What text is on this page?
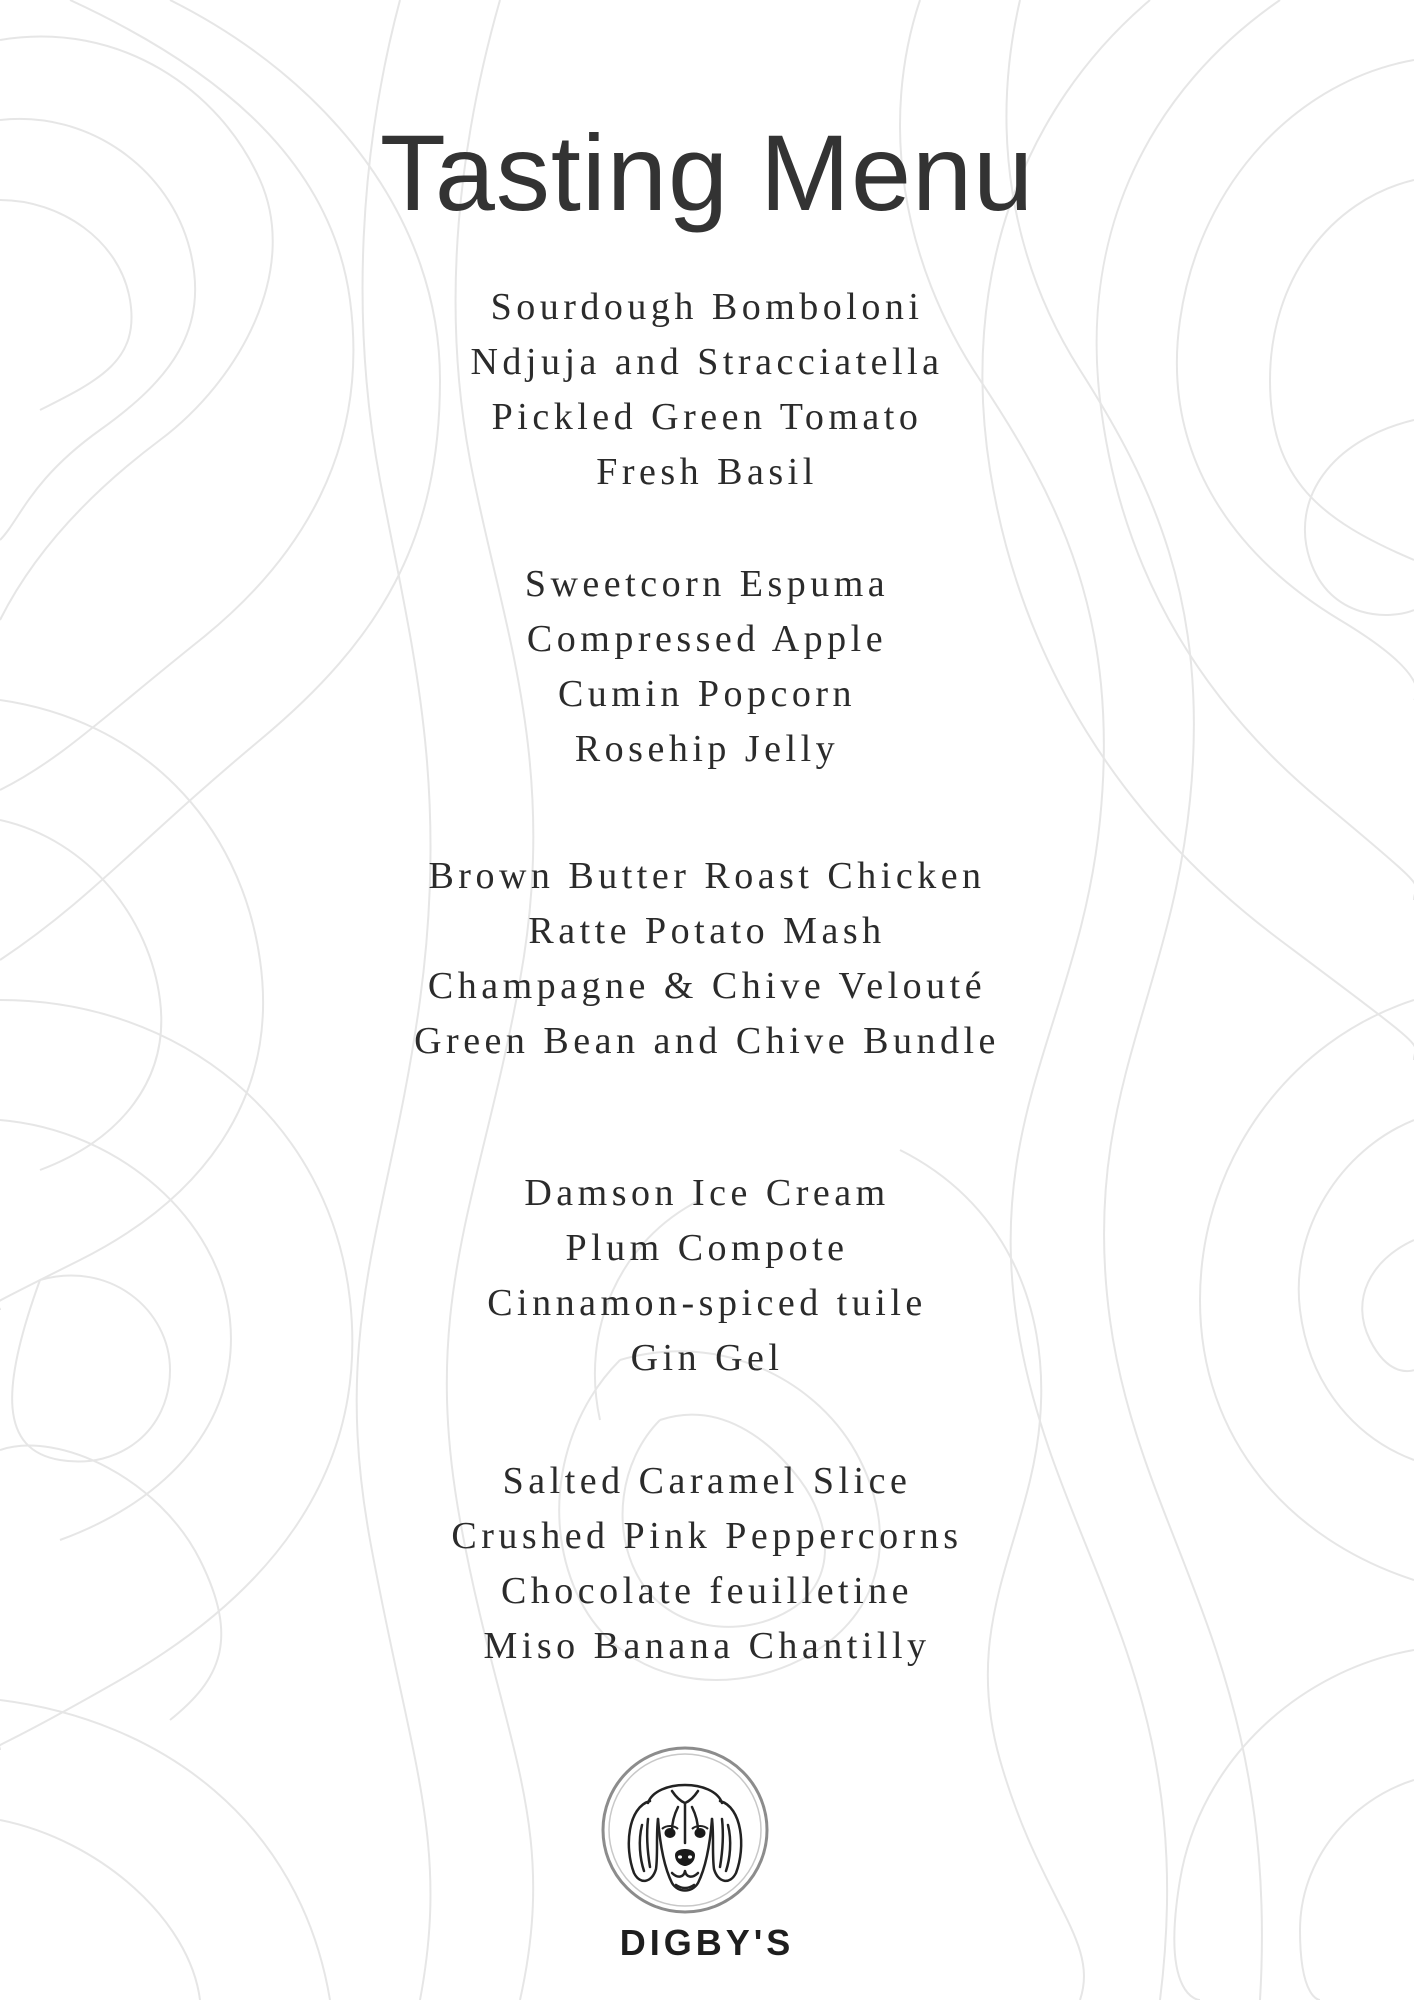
Tasting Menu
Sourdough Bomboloni
Ndjuja and Stracciatella
Pickled Green Tomato
Fresh Basil
Sweetcorn Espuma
Compressed Apple
Cumin Popcorn
Rosehip Jelly
Brown Butter Roast Chicken
Ratte Potato Mash
Champagne & Chive Velouté
Green Bean and Chive Bundle
Damson Ice Cream
Plum Compote
Cinnamon-spiced tuile
Gin Gel
Salted Caramel Slice
Crushed Pink Peppercorns
Chocolate feuilletine
Miso Banana Chantilly
DIGBY'S
